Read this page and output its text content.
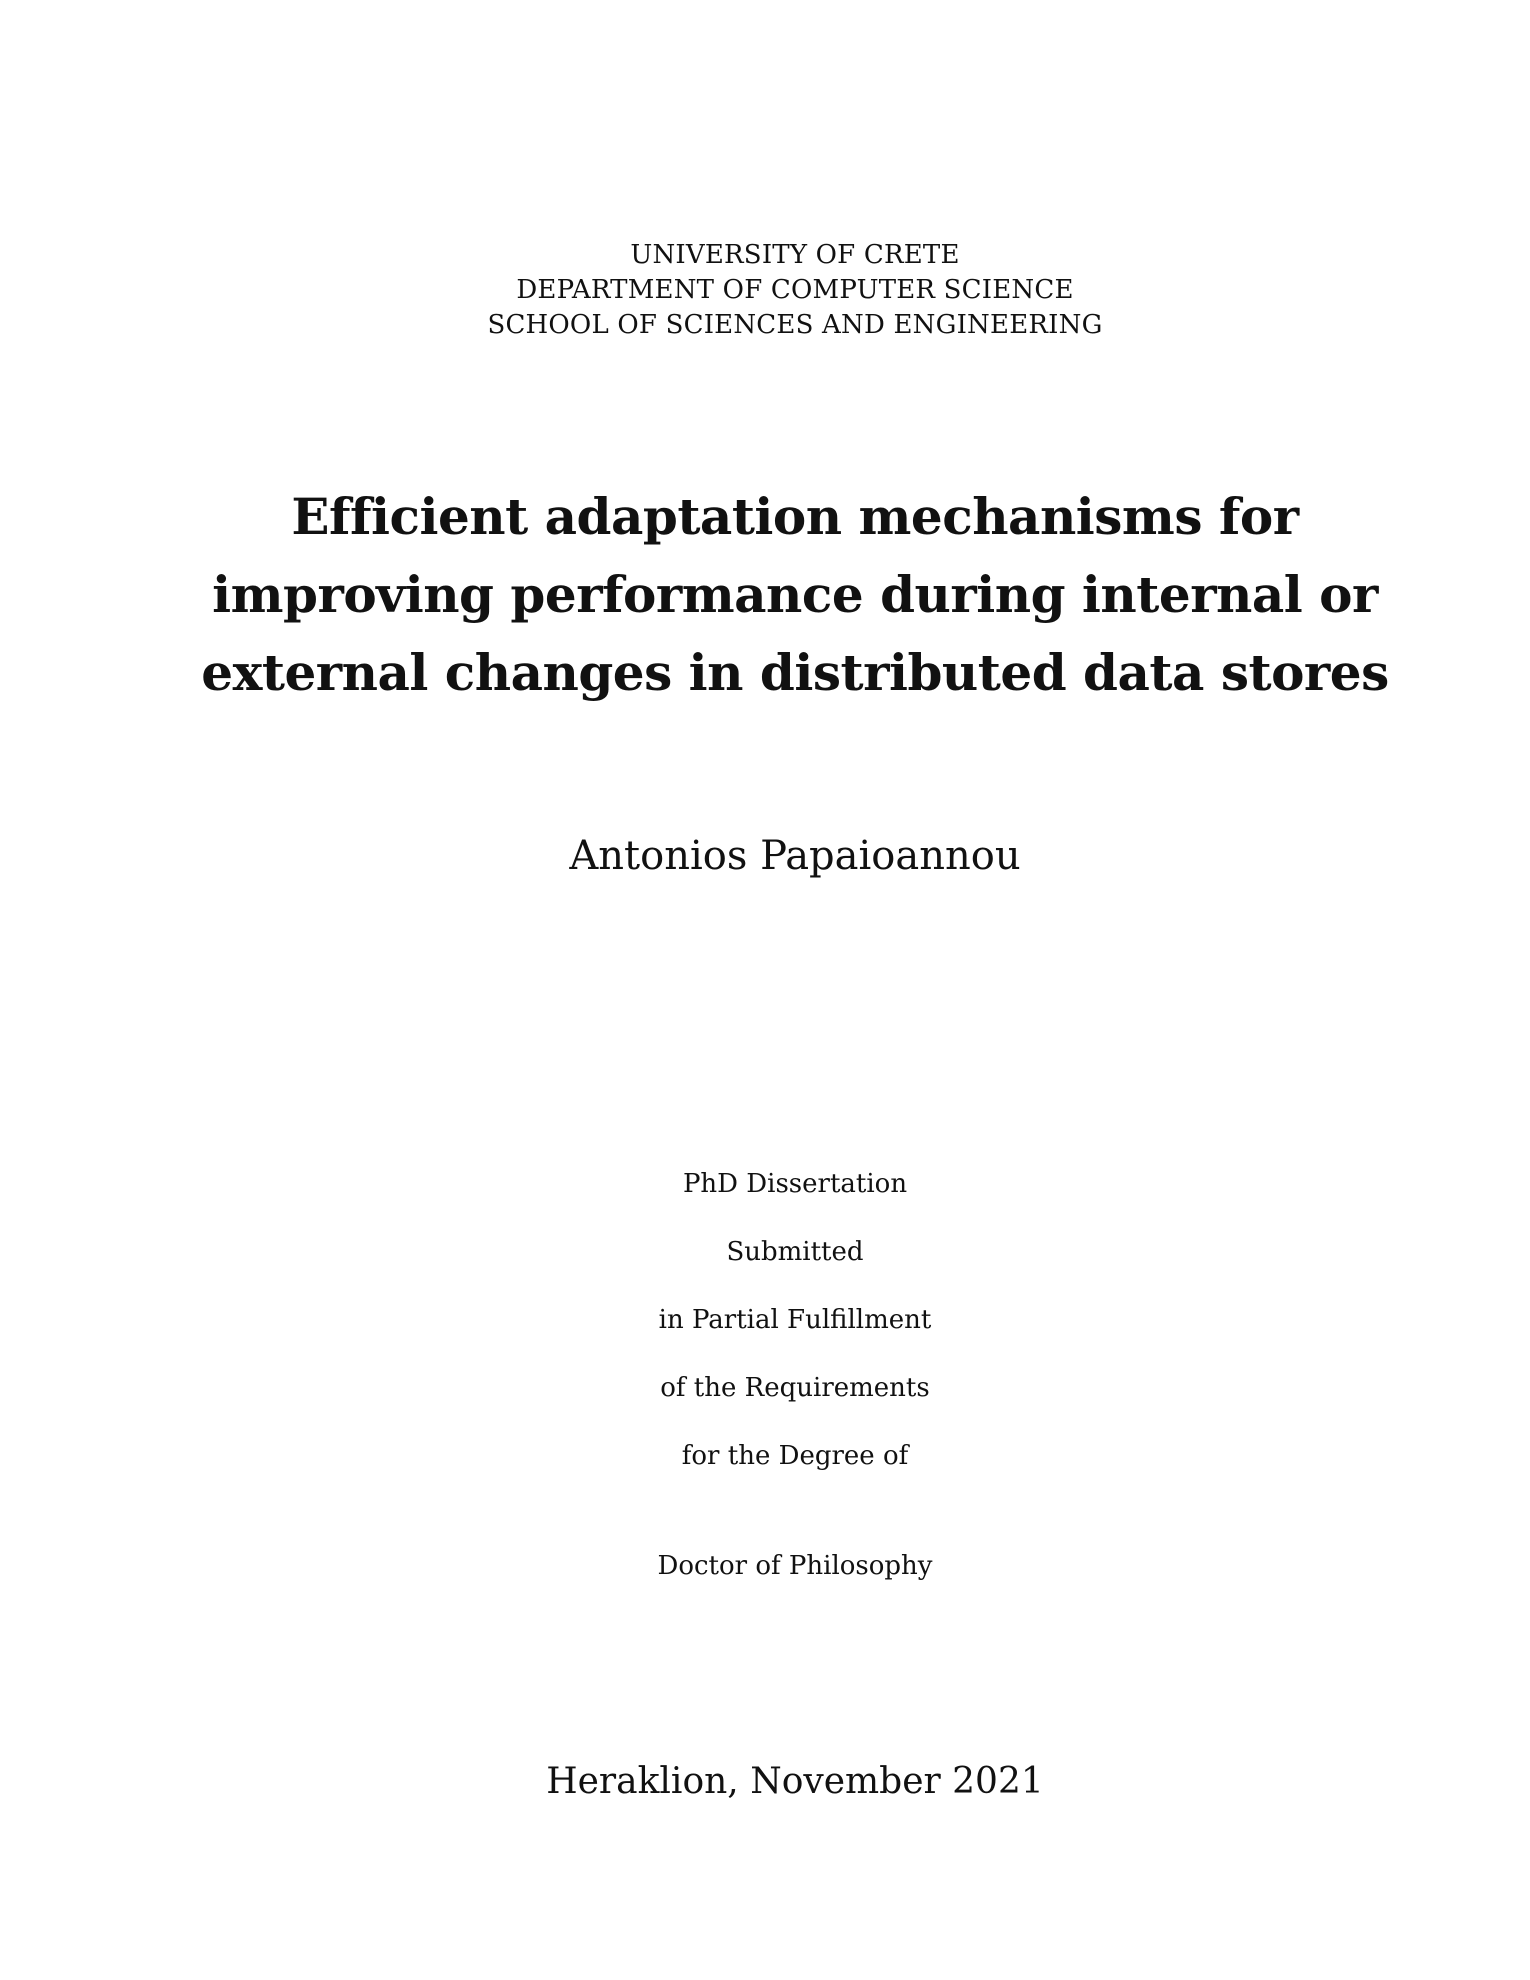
UNIVERSITY OF CRETE
DEPARTMENT OF COMPUTER SCIENCE
SCHOOL OF SCIENCES AND ENGINEERING
Efficient adaptation mechanisms for
improving performance during internal or
external changes in distributed data stores
Antonios Papaioannou
PhD Dissertation
Submitted
in Partial Fulfillment
of the Requirements
for the Degree of
Doctor of Philosophy
Heraklion, November 2021
